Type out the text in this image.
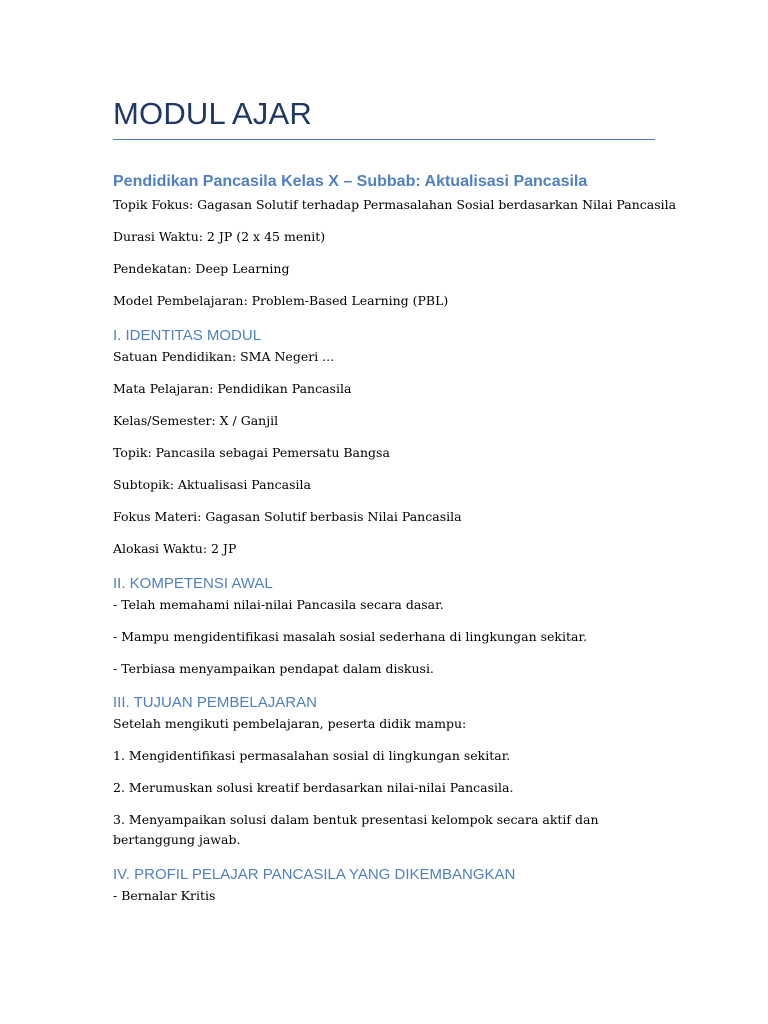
MODUL AJAR
Pendidikan Pancasila Kelas X – Subbab: Aktualisasi Pancasila
Topik Fokus: Gagasan Solutif terhadap Permasalahan Sosial berdasarkan Nilai Pancasila
Durasi Waktu: 2 JP (2 x 45 menit)
Pendekatan: Deep Learning
Model Pembelajaran: Problem-Based Learning (PBL)
I. IDENTITAS MODUL
Satuan Pendidikan: SMA Negeri ...
Mata Pelajaran: Pendidikan Pancasila
Kelas/Semester: X / Ganjil
Topik: Pancasila sebagai Pemersatu Bangsa
Subtopik: Aktualisasi Pancasila
Fokus Materi: Gagasan Solutif berbasis Nilai Pancasila
Alokasi Waktu: 2 JP
II. KOMPETENSI AWAL
- Telah memahami nilai-nilai Pancasila secara dasar.
- Mampu mengidentifikasi masalah sosial sederhana di lingkungan sekitar.
- Terbiasa menyampaikan pendapat dalam diskusi.
III. TUJUAN PEMBELAJARAN
Setelah mengikuti pembelajaran, peserta didik mampu:
1. Mengidentifikasi permasalahan sosial di lingkungan sekitar.
2. Merumuskan solusi kreatif berdasarkan nilai-nilai Pancasila.
3. Menyampaikan solusi dalam bentuk presentasi kelompok secara aktif dan bertanggung jawab.
IV. PROFIL PELAJAR PANCASILA YANG DIKEMBANGKAN
- Bernalar Kritis
